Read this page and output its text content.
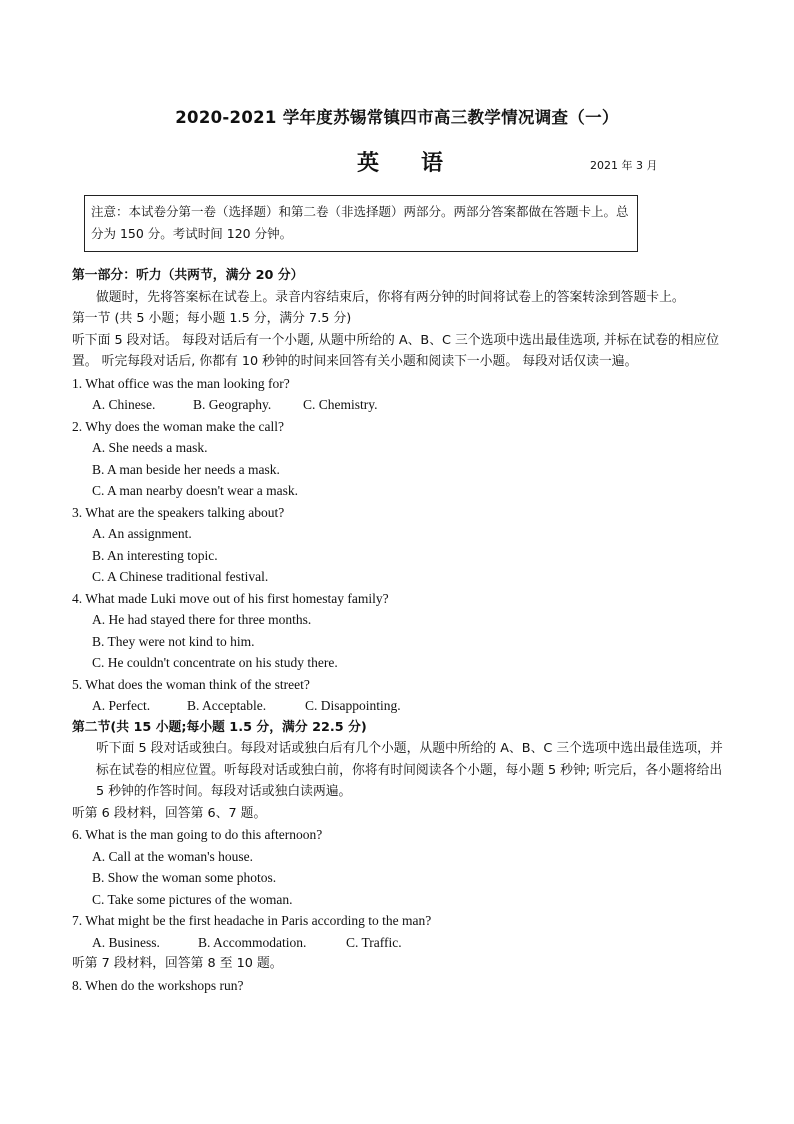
2020-2021 学年度苏锡常镇四市高三教学情况调查（一）
英语	2021 年 3 月
注意：本试卷分第一卷（选择题）和第二卷（非选择题）两部分。两部分答案都做在答题卡上。总分为 150 分。考试时间 120 分钟。
第一部分：听力（共两节，满分 20 分）
做题时，先将答案标在试卷上。录音内容结束后，你将有两分钟的时间将试卷上的答案转涂到答题卡上。
第一节 (共 5 小题；每小题 1.5 分，满分 7.5 分)
听下面 5 段对话。 每段对话后有一个小题, 从题中所给的 A、B、C 三个选项中选出最佳选项, 并标在试卷的相应位置。 听完每段对话后, 你都有 10 秒钟的时间来回答有关小题和阅读下一小题。 每段对话仅读一遍。
1. What office was the man looking for?
A. Chinese.	B. Geography.	C. Chemistry.
2. Why does the woman make the call?
A. She needs a mask.
B. A man beside her needs a mask.
C. A man nearby doesn't wear a mask.
3. What are the speakers talking about?
A. An assignment.
B. An interesting topic.
C. A Chinese traditional festival.
4. What made Luki move out of his first homestay family?
A. He had stayed there for three months.
B. They were not kind to him.
C. He couldn't concentrate on his study there.
5. What does the woman think of the street?
A. Perfect.	B. Acceptable.	C. Disappointing.
第二节(共 15 小题;每小题 1.5 分，满分 22.5 分)
听下面 5 段对话或独白。每段对话或独白后有几个小题，从题中所给的 A、B、C 三个选项中选出最佳选项，并标在试卷的相应位置。听每段对话或独白前，你将有时间阅读各个小题，每小题 5 秒钟; 听完后，各小题将给出 5 秒钟的作答时间。每段对话或独白读两遍。
听第 6 段材料，回答第 6、7 题。
6. What is the man going to do this afternoon?
A. Call at the woman's house.
B. Show the woman some photos.
C. Take some pictures of the woman.
7. What might be the first headache in Paris according to the man?
A. Business.	B. Accommodation.	C. Traffic.
听第 7 段材料，回答第 8 至 10 题。
8. When do the workshops run?
